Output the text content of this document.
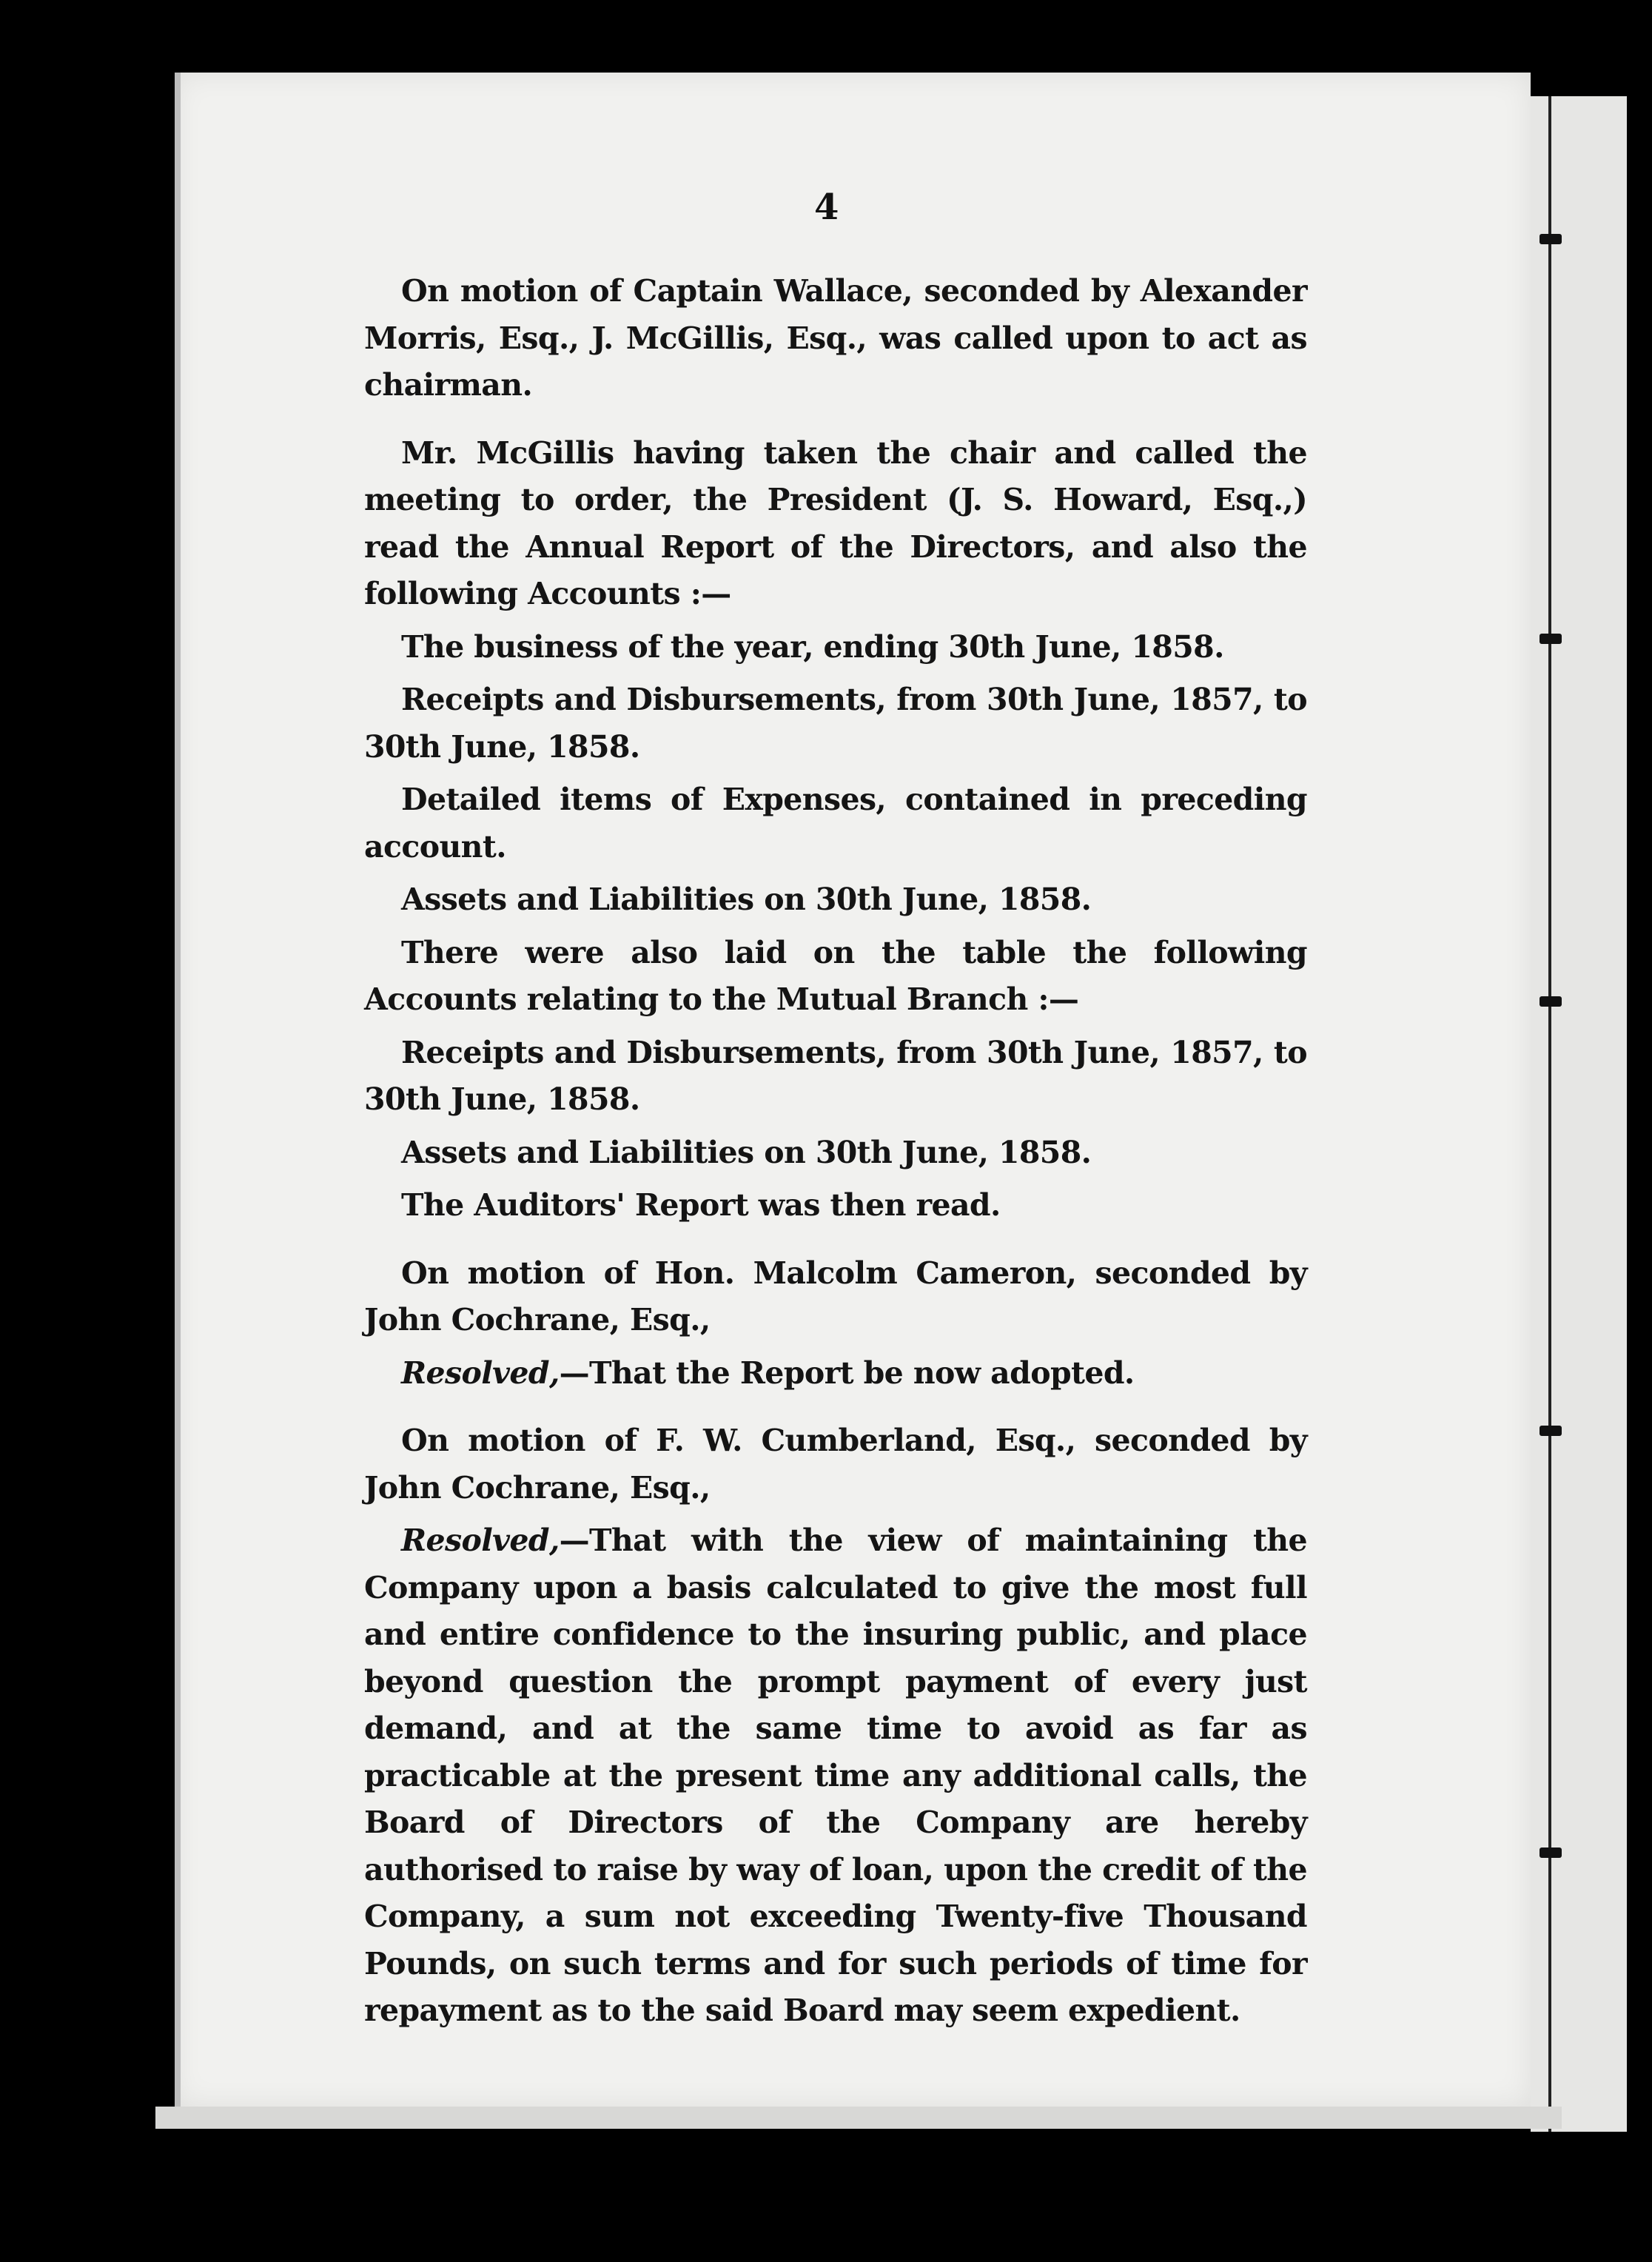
4

On motion of Captain Wallace, seconded by Alexander Morris, Esq., J. McGillis, Esq., was called upon to act as chairman.

Mr. McGillis having taken the chair and called the meeting to order, the President (J. S. Howard, Esq.,) read the Annual Report of the Directors, and also the following Accounts :—

The business of the year, ending 30th June, 1858.

Receipts and Disbursements, from 30th June, 1857, to 30th June, 1858.

Detailed items of Expenses, contained in preceding account.

Assets and Liabilities on 30th June, 1858.

There were also laid on the table the following Accounts relating to the Mutual Branch :—

Receipts and Disbursements, from 30th June, 1857, to 30th June, 1858.

Assets and Liabilities on 30th June, 1858.

The Auditors' Report was then read.

On motion of Hon. Malcolm Cameron, seconded by John Cochrane, Esq.,

Resolved,—That the Report be now adopted.

On motion of F. W. Cumberland, Esq., seconded by John Cochrane, Esq.,

Resolved,—That with the view of maintaining the Company upon a basis calculated to give the most full and entire confidence to the insuring public, and place beyond question the prompt payment of every just demand, and at the same time to avoid as far as practicable at the present time any additional calls, the Board of Directors of the Company are hereby authorised to raise by way of loan, upon the credit of the Company, a sum not exceeding Twenty-five Thousand Pounds, on such terms and for such periods of time for repayment as to the said Board may seem expedient.
